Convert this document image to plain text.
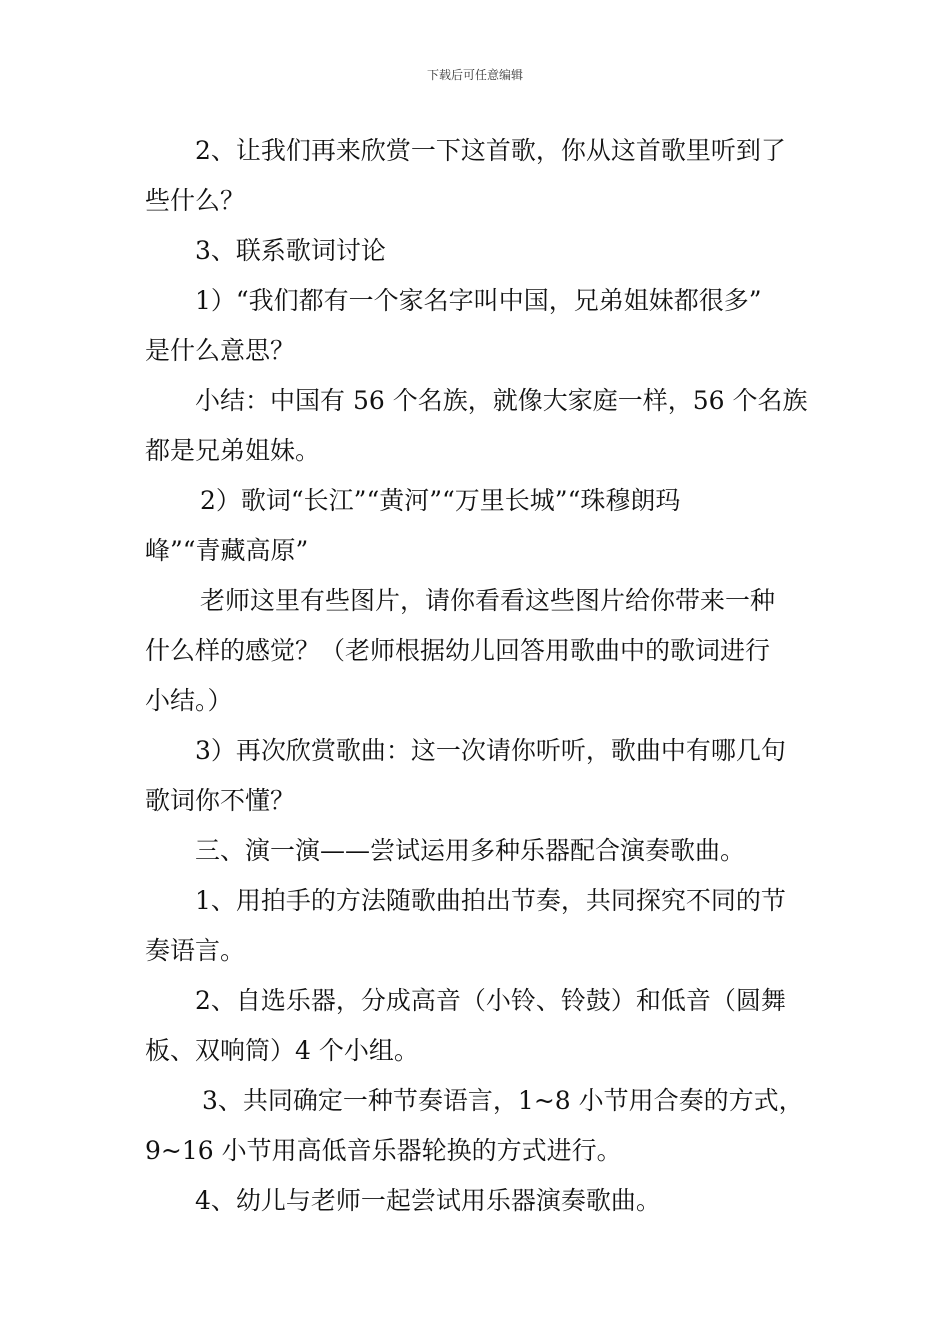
下载后可任意编辑

2、让我们再来欣赏一下这首歌，你从这首歌里听到了

些什么？

3、联系歌词讨论

1）“我们都有一个家名字叫中国，兄弟姐妹都很多”

是什么意思？

小结：中国有 56 个名族，就像大家庭一样，56 个名族

都是兄弟姐妹。

2）歌词“长江”“黄河”“万里长城”“珠穆朗玛

峰”“青藏高原”

老师这里有些图片，请你看看这些图片给你带来一种

什么样的感觉？（老师根据幼儿回答用歌曲中的歌词进行

小结。）

3）再次欣赏歌曲：这一次请你听听，歌曲中有哪几句

歌词你不懂？

三、演一演——尝试运用多种乐器配合演奏歌曲。

1、用拍手的方法随歌曲拍出节奏，共同探究不同的节

奏语言。

2、自选乐器，分成高音（小铃、铃鼓）和低音（圆舞

板、双响筒）4 个小组。

3、共同确定一种节奏语言，1~8 小节用合奏的方式，

9~16 小节用高低音乐器轮换的方式进行。

4、幼儿与老师一起尝试用乐器演奏歌曲。
